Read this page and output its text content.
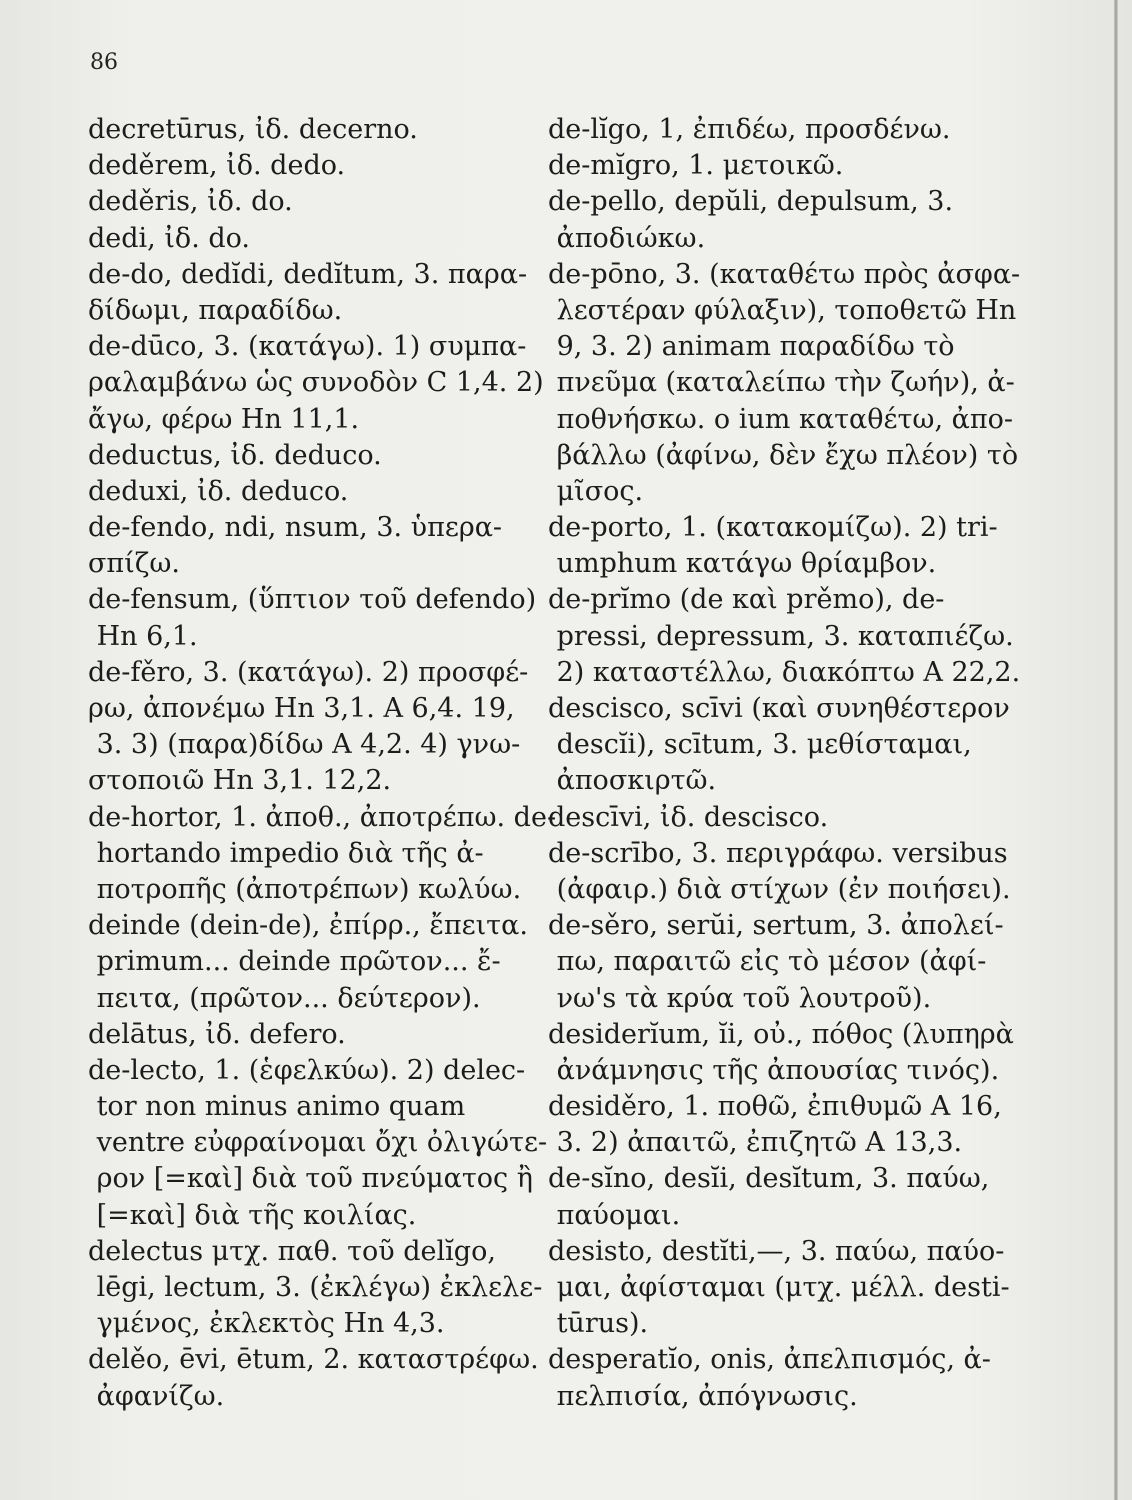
86
decretūrus, ἰδ. decerno.
deděrem, ἰδ. dedo.
deděris, ἰδ. do.
dedi, ἰδ. do.
de-do, dedĭdi, dedĭtum, 3. παρα-
δίδωμι, παραδίδω.
de-dūco, 3. (κατάγω). 1) συμπα-
ραλαμβάνω ὡς συνοδὸν C 1,4. 2)
ἄγω, φέρω Hn 11,1.
deductus, ἰδ. deduco.
deduxi, ἰδ. deduco.
de-fendo, ndi, nsum, 3. ὑπερα-
σπίζω.
de-fensum, (ὕπτιον τοῦ defendo)
Hn 6,1.
de-fěro, 3. (κατάγω). 2) προσφέ-
ρω, ἀπονέμω Hn 3,1. A 6,4. 19,
3. 3) (παρα)δίδω A 4,2. 4) γνω-
στοποιῶ Hn 3,1. 12,2.
de-hortor, 1. ἀποθ., ἀποτρέπω. de-
hortando impedio διὰ τῆς ἀ-
ποτροπῆς (ἀποτρέπων) κωλύω.
deinde (dein-de), ἐπίρρ., ἔπειτα.
primum... deinde πρῶτον... ἔ-
πειτα, (πρῶτον... δεύτερον).
delātus, ἰδ. defero.
de-lecto, 1. (ἑφελκύω). 2) delec-
tor non minus animo quam
ventre εὐφραίνομαι ὄχι ὀλιγώτε-
ρον [=καὶ] διὰ τοῦ πνεύματος ἢ
[=καὶ] διὰ τῆς κοιλίας.
delectus μτχ. παθ. τοῦ delĭgo,
lēgi, lectum, 3. (ἐκλέγω) ἐκλελε-
γμένος, ἐκλεκτὸς Hn 4,3.
delěo, ēvi, ētum, 2. καταστρέφω.
ἀφανίζω.
de-lĭgo, 1, ἐπιδέω, προσδένω.
de-mĭgro, 1. μετοικῶ.
de-pello, depŭli, depulsum, 3.
ἀποδιώκω.
de-pōno, 3. (καταθέτω πρὸς ἀσφα-
λεστέραν φύλαξιν), τοποθετῶ Hn
9, 3. 2) animam παραδίδω τὸ
πνεῦμα (καταλείπω τὴν ζωήν), ἀ-
ποθνήσκω. o ium καταθέτω, ἀπο-
βάλλω (ἀφίνω, δὲν ἔχω πλέον) τὸ
μῖσος.
de-porto, 1. (κατακομίζω). 2) tri-
umphum κατάγω θρίαμβον.
de-prĭmo (de καὶ prěmo), de-
pressi, depressum, 3. καταπιέζω.
2) καταστέλλω, διακόπτω A 22,2.
descisco, scīvi (καὶ συνηθέστερον
descĭi), scītum, 3. μεθίσταμαι,
ἀποσκιρτῶ.
descīvi, ἰδ. descisco.
de-scrībo, 3. περιγράφω. versibus
(ἀφαιρ.) διὰ στίχων (ἐν ποιήσει).
de-sěro, serŭi, sertum, 3. ἀπολεί-
πω, παραιτῶ εἰς τὸ μέσον (ἀφί-
νω's τὰ κρύα τοῦ λουτροῦ).
desiderĭum, ĭi, οὐ., πόθος (λυπηρὰ
ἀνάμνησις τῆς ἀπουσίας τινός).
desiděro, 1. ποθῶ, ἐπιθυμῶ A 16,
3. 2) ἀπαιτῶ, ἐπιζητῶ A 13,3.
de-sĭno, desĭi, desĭtum, 3. παύω,
παύομαι.
desisto, destĭti,—, 3. παύω, παύο-
μαι, ἀφίσταμαι (μτχ. μέλλ. desti-
tūrus).
desperatĭo, onis, ἀπελπισμός, ἀ-
πελπισία, ἀπόγνωσις.
